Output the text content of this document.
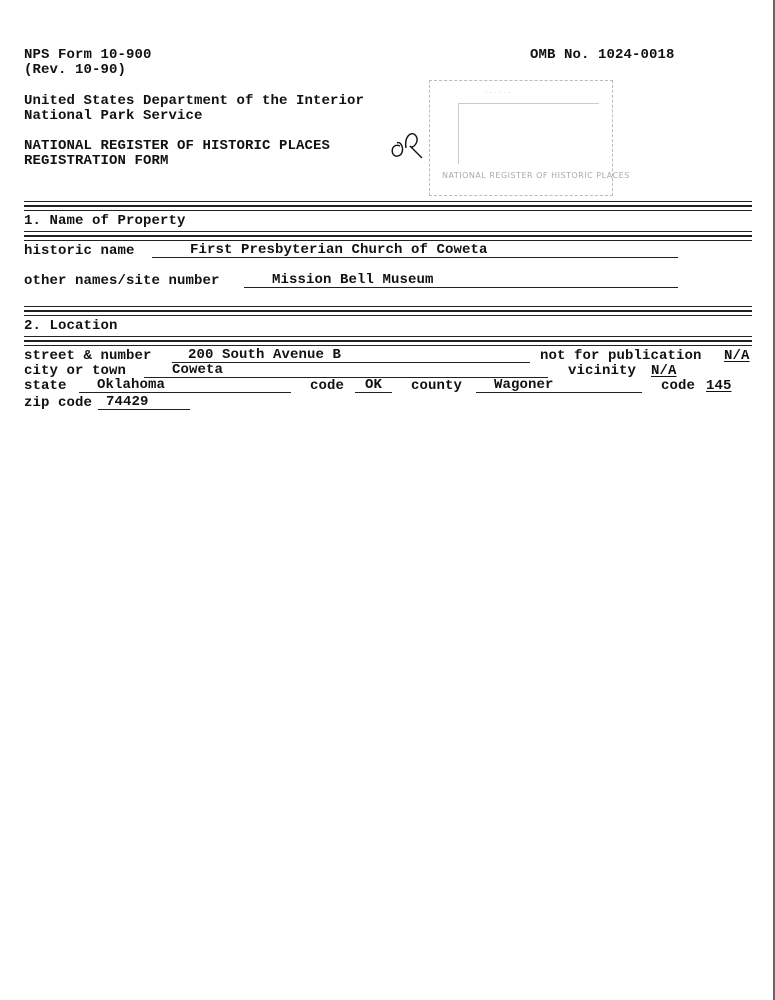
NPS Form 10-900
(Rev. 10-90)
OMB No. 1024-0018
United States Department of the Interior
National Park Service
NATIONAL REGISTER OF HISTORIC PLACES
REGISTRATION FORM
· · · · · ·
NATIONAL REGISTER OF HISTORIC PLACES
1. Name of Property
historic name	First Presbyterian Church of Coweta
other names/site number	Mission Bell Museum
2. Location
street & number	200 South Avenue B	not for publication N/A
city or town	Coweta	vicinity N/A
state	Oklahoma	code	OK	county	Wagoner	code 145
zip code 74429
